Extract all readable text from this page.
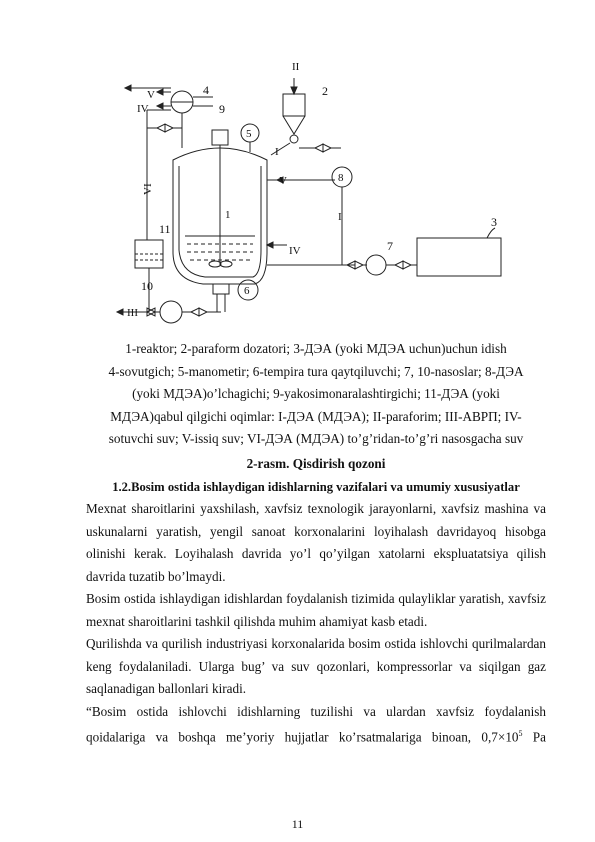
II
V
IV
VI
I
V
I
IV
III
1
2
3
4
5
6
7
8
9
10
11
1-reaktor; 2-paraform dozatori; 3-ДЭА (yoki МДЭА uchun)uchun idish
4-sovutgich; 5-manometir; 6-tempira tura qaytqiluvchi; 7, 10-nasoslar; 8-ДЭА
(yoki МДЭА)o’lchagichi; 9-yakosimonaralashtirgichi; 11-ДЭА (yoki
МДЭА)qabul qilgichi oqimlar: I-ДЭА (МДЭА); II-paraforim; III-АВРП; IV-
sotuvchi suv; V-issiq suv; VI-ДЭА (МДЭА) to’g’ridan-to’g’ri nasosgacha suv
2-rasm. Qisdirish qozoni
1.2.Bosim ostida ishlaydigan idishlarning vazifalari va umumiy xususiyatlar

Mexnat sharoitlarini yaxshilash, xavfsiz texnologik jarayonlarni, xavfsiz mashina va uskunalarni yaratish, yengil sanoat korxonalarini loyihalash davridayoq hisobga olinishi kerak. Loyihalash davrida yo’l qo’yilgan xatolarni ekspluatatsiya qilish davrida tuzatib bo’lmaydi.

Bosim ostida ishlaydigan idishlardan foydalanish tizimida qulayliklar yaratish, xavfsiz mexnat sharoitlarini tashkil qilishda muhim ahamiyat kasb etadi.

Qurilishda va qurilish industriyasi korxonalarida bosim ostida ishlovchi qurilmalardan keng foydalaniladi. Ularga bug’ va suv qozonlari, kompressorlar va siqilgan gaz saqlanadigan ballonlari kiradi.

“Bosim ostida ishlovchi idishlarning tuzilishi va ulardan xavfsiz foydalanish qoidalariga va boshqa me’yoriy hujjatlar ko’rsatmalariga binoan, $0,7\times 10^5$ Pa

11
